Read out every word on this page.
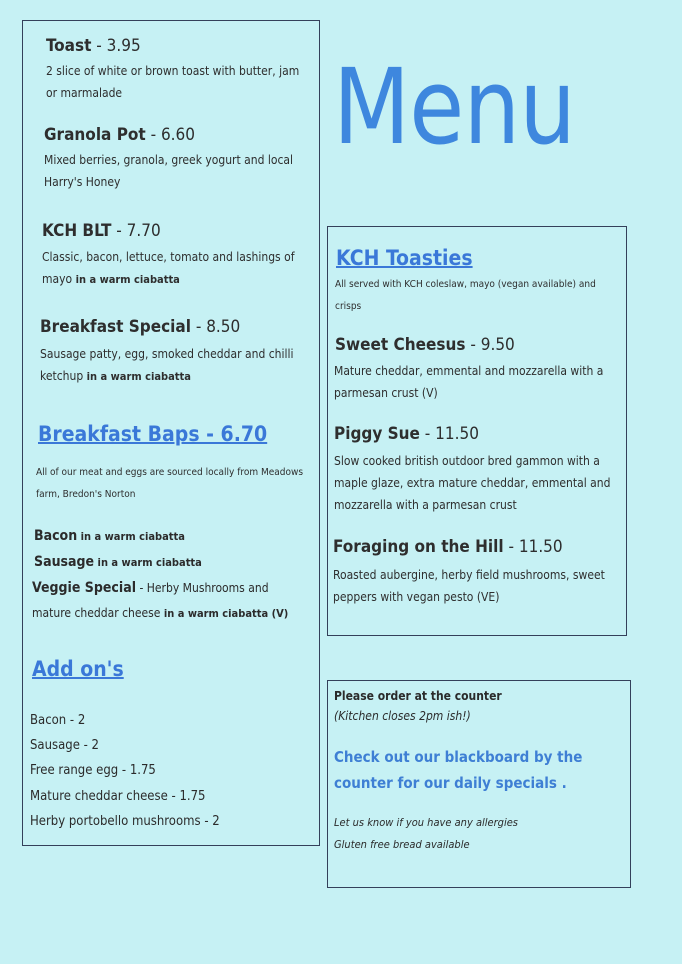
Toast - 3.95
2 slice of white or brown toast with butter, jam or marmalade
Granola Pot - 6.60
Mixed berries, granola, greek yogurt and local Harry's Honey
KCH BLT - 7.70
Classic, bacon, lettuce, tomato and lashings of mayo in a warm ciabatta
Breakfast Special - 8.50
Sausage patty, egg, smoked cheddar and chilli ketchup in a warm ciabatta
Breakfast Baps - 6.70
All of our meat and eggs are sourced locally from Meadows farm, Bredon's Norton
Bacon in a warm ciabatta
Sausage in a warm ciabatta
Veggie Special - Herby Mushrooms and
mature cheddar cheese in a warm ciabatta (V)
Add on's
Bacon - 2
Sausage - 2
Free range egg - 1.75
Mature cheddar cheese - 1.75
Herby portobello mushrooms - 2
Menu
KCH Toasties
All served with KCH coleslaw, mayo (vegan available) and crisps
Sweet Cheesus - 9.50
Mature cheddar, emmental and mozzarella with a parmesan crust (V)
Piggy Sue - 11.50
Slow cooked british outdoor bred gammon with a maple glaze, extra mature cheddar, emmental and mozzarella with a parmesan crust
Foraging on the Hill - 11.50
Roasted aubergine, herby field mushrooms, sweet peppers with vegan pesto (VE)
Please order at the counter
(Kitchen closes 2pm ish!)
Check out our blackboard by the counter for our daily specials .
Let us know if you have any allergies
Gluten free bread available
